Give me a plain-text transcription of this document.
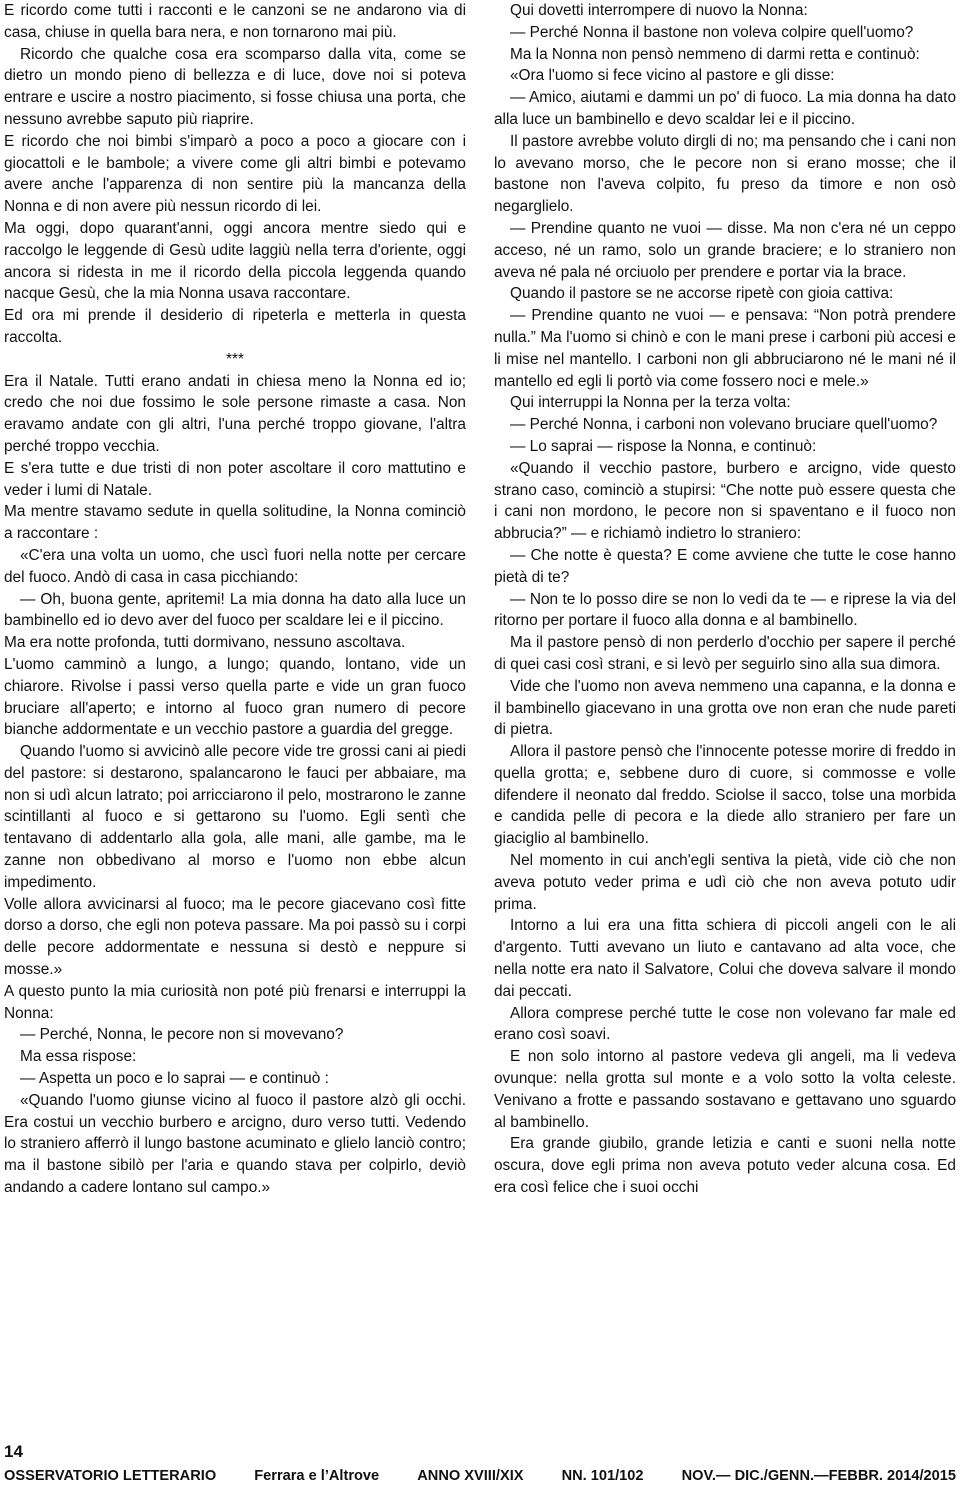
E ricordo come tutti i racconti e le canzoni se ne andarono via di casa, chiuse in quella bara nera, e non tornarono mai più.

Ricordo che qualche cosa era scomparso dalla vita, come se dietro un mondo pieno di bellezza e di luce, dove noi si poteva entrare e uscire a nostro piacimento, si fosse chiusa una porta, che nessuno avrebbe saputo più riaprire.

E ricordo che noi bimbi s'imparò a poco a poco a giocare con i giocattoli e le bambole; a vivere come gli altri bimbi e potevamo avere anche l'apparenza di non sentire più la mancanza della Nonna e di non avere più nessun ricordo di lei.

Ma oggi, dopo quarant'anni, oggi ancora mentre siedo qui e raccolgo le leggende di Gesù udite laggiù nella terra d'oriente, oggi ancora si ridesta in me il ricordo della piccola leggenda quando nacque Gesù, che la mia Nonna usava raccontare.

Ed ora mi prende il desiderio di ripeterla e metterla in questa raccolta.

***

Era il Natale. Tutti erano andati in chiesa meno la Nonna ed io; credo che noi due fossimo le sole persone rimaste a casa. Non eravamo andate con gli altri, l'una perché troppo giovane, l'altra perché troppo vecchia.

E s'era tutte e due tristi di non poter ascoltare il coro mattutino e veder i lumi di Natale.

Ma mentre stavamo sedute in quella solitudine, la Nonna cominciò a raccontare :

«C'era una volta un uomo, che uscì fuori nella notte per cercare del fuoco. Andò di casa in casa picchiando:

— Oh, buona gente, apritemi! La mia donna ha dato alla luce un bambinello ed io devo aver del fuoco per scaldare lei e il piccino.

Ma era notte profonda, tutti dormivano, nessuno ascoltava.

L'uomo camminò a lungo, a lungo; quando, lontano, vide un chiarore. Rivolse i passi verso quella parte e vide un gran fuoco bruciare all'aperto; e intorno al fuoco gran numero di pecore bianche addormentate e un vecchio pastore a guardia del gregge.

Quando l'uomo si avvicinò alle pecore vide tre grossi cani ai piedi del pastore: si destarono, spalancarono le fauci per abbaiare, ma non si udì alcun latrato; poi arricciarono il pelo, mostrarono le zanne scintillanti al fuoco e si gettarono su l'uomo. Egli sentì che tentavano di addentarlo alla gola, alle mani, alle gambe, ma le zanne non obbedivano al morso e l'uomo non ebbe alcun impedimento.

Volle allora avvicinarsi al fuoco; ma le pecore giacevano così fitte dorso a dorso, che egli non poteva passare. Ma poi passò su i corpi delle pecore addormentate e nessuna si destò e neppure si mosse.»

A questo punto la mia curiosità non poté più frenarsi e interruppi la Nonna:

— Perché, Nonna, le pecore non si movevano?

Ma essa rispose:

— Aspetta un poco e lo saprai — e continuò :

«Quando l'uomo giunse vicino al fuoco il pastore alzò gli occhi. Era costui un vecchio burbero e arcigno, duro verso tutti. Vedendo lo straniero afferrò il lungo bastone acuminato e glielo lanciò contro; ma il bastone sibilò per l'aria e quando stava per colpirlo, deviò andando a cadere lontano sul campo.»

Qui dovetti interrompere di nuovo la Nonna:

— Perché Nonna il bastone non voleva colpire quell'uomo?

Ma la Nonna non pensò nemmeno di darmi retta e continuò:

«Ora l'uomo si fece vicino al pastore e gli disse:

— Amico, aiutami e dammi un po' di fuoco. La mia donna ha dato alla luce un bambinello e devo scaldar lei e il piccino.

Il pastore avrebbe voluto dirgli di no; ma pensando che i cani non lo avevano morso, che le pecore non si erano mosse; che il bastone non l'aveva colpito, fu preso da timore e non osò negarglielo.

— Prendine quanto ne vuoi — disse. Ma non c'era né un ceppo acceso, né un ramo, solo un grande braciere; e lo straniero non aveva né pala né orciuolo per prendere e portar via la brace.

Quando il pastore se ne accorse ripetè con gioia cattiva:

— Prendine quanto ne vuoi — e pensava: “Non potrà prendere nulla.” Ma l'uomo si chinò e con le mani prese i carboni più accesi e li mise nel mantello. I carboni non gli abbruciarono né le mani né il mantello ed egli li portò via come fossero noci e mele.»

Qui interruppi la Nonna per la terza volta:

— Perché Nonna, i carboni non volevano bruciare quell'uomo?

— Lo saprai — rispose la Nonna, e continuò:

«Quando il vecchio pastore, burbero e arcigno, vide questo strano caso, cominciò a stupirsi: “Che notte può essere questa che i cani non mordono, le pecore non si spaventano e il fuoco non abbrucia?” — e richiamò indietro lo straniero:

— Che notte è questa? E come avviene che tutte le cose hanno pietà di te?

— Non te lo posso dire se non lo vedi da te — e riprese la via del ritorno per portare il fuoco alla donna e al bambinello.

Ma il pastore pensò di non perderlo d'occhio per sapere il perché di quei casi così strani, e si levò per seguirlo sino alla sua dimora.

Vide che l'uomo non aveva nemmeno una capanna, e la donna e il bambinello giacevano in una grotta ove non eran che nude pareti di pietra.

Allora il pastore pensò che l'innocente potesse morire di freddo in quella grotta; e, sebbene duro di cuore, si commosse e volle difendere il neonato dal freddo. Sciolse il sacco, tolse una morbida e candida pelle di pecora e la diede allo straniero per fare un giaciglio al bambinello.

Nel momento in cui anch'egli sentiva la pietà, vide ciò che non aveva potuto veder prima e udì ciò che non aveva potuto udir prima.

Intorno a lui era una fitta schiera di piccoli angeli con le ali d'argento. Tutti avevano un liuto e cantavano ad alta voce, che nella notte era nato il Salvatore, Colui che doveva salvare il mondo dai peccati.

Allora comprese perché tutte le cose non volevano far male ed erano così soavi.

E non solo intorno al pastore vedeva gli angeli, ma li vedeva ovunque: nella grotta sul monte e a volo sotto la volta celeste. Venivano a frotte e passando sostavano e gettavano uno sguardo al bambinello.

Era grande giubilo, grande letizia e canti e suoni nella notte oscura, dove egli prima non aveva potuto veder alcuna cosa. Ed era così felice che i suoi occhi

14
OSSERVATORIO LETTERARIO	Ferrara e l’Altrove	ANNO XVIII/XIX	NN. 101/102	NOV.— DIC./GENN.—FEBBR. 2014/2015
